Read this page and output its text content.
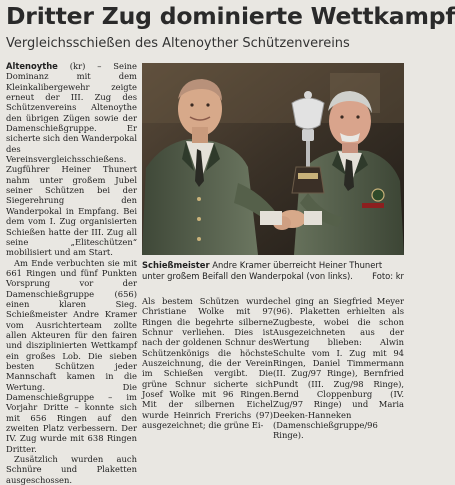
Dritter Zug dominierte Wettkampf
Vergleichsschießen des Altenoyther Schützenvereins

Altenoythe (kr) – Seine Dominanz mit dem Kleinkalibergewehr zeigte erneut der III. Zug des Schützenvereins Altenoythe den übrigen Zügen sowie der Damenschießgruppe. Er sicherte sich den Wanderpokal des Vereinsvergleichsschießens. Zugführer Heiner Thunert nahm unter großem Jubel seiner Schützen bei der Siegerehrung den Wanderpokal in Empfang. Bei dem vom I. Zug organisierten Schießen hatte der III. Zug all seine „Eliteschützen“ mobilisiert und am Start.

Am Ende verbuchten sie mit 661 Ringen und fünf Punkten Vorsprung vor der Damenschießgruppe (656) einen klaren Sieg. Schießmeister Andre Kramer vom Ausrichterteam zollte allen Akteuren für den fairen und disziplinierten Wettkampf ein großes Lob. Die sieben besten Schützen jeder Mannschaft kamen in die Wertung. Die Damenschießgruppe – im Vorjahr Dritte – konnte sich mit 656 Ringen auf den zweiten Platz verbessern. Der IV. Zug wurde mit 638 Ringen Dritter.

Zusätzlich wurden auch Schnüre und Plaketten ausgeschossen.

Schießmeister Andre Kramer überreicht Heiner Thunert unter großem Beifall den Wanderpokal (von links). Foto: kr

Als bestem Schützen wurde Christiane Wolke mit 97 Ringen die begehrte silberne Schnur verliehen. Dies ist nach der goldenen Schnur des Schützenkönigs die höchste Auszeichnung, die der Verein im Schießen vergibt. Die grüne Schnur sicherte sich Josef Wolke mit 96 Ringen. Mit der silbernen Eichel wurde Heinrich Frerichs (97) ausgezeichnet; die grüne Ei-

chel ging an Siegfried Meyer (96). Plaketten erhielten als Zugbeste, wobei die schon Ausgezeichneten aus der Wertung blieben: Alwin Schulte vom I. Zug mit 94 Ringen, Daniel Timmermann (II. Zug/97 Ringe), Bernfried Pundt (III. Zug/98 Ringe), Bernd Cloppenburg (IV. Zug/97 Ringe) und Maria Deeken-Hanneken (Damenschießgruppe/96 Ringe).
